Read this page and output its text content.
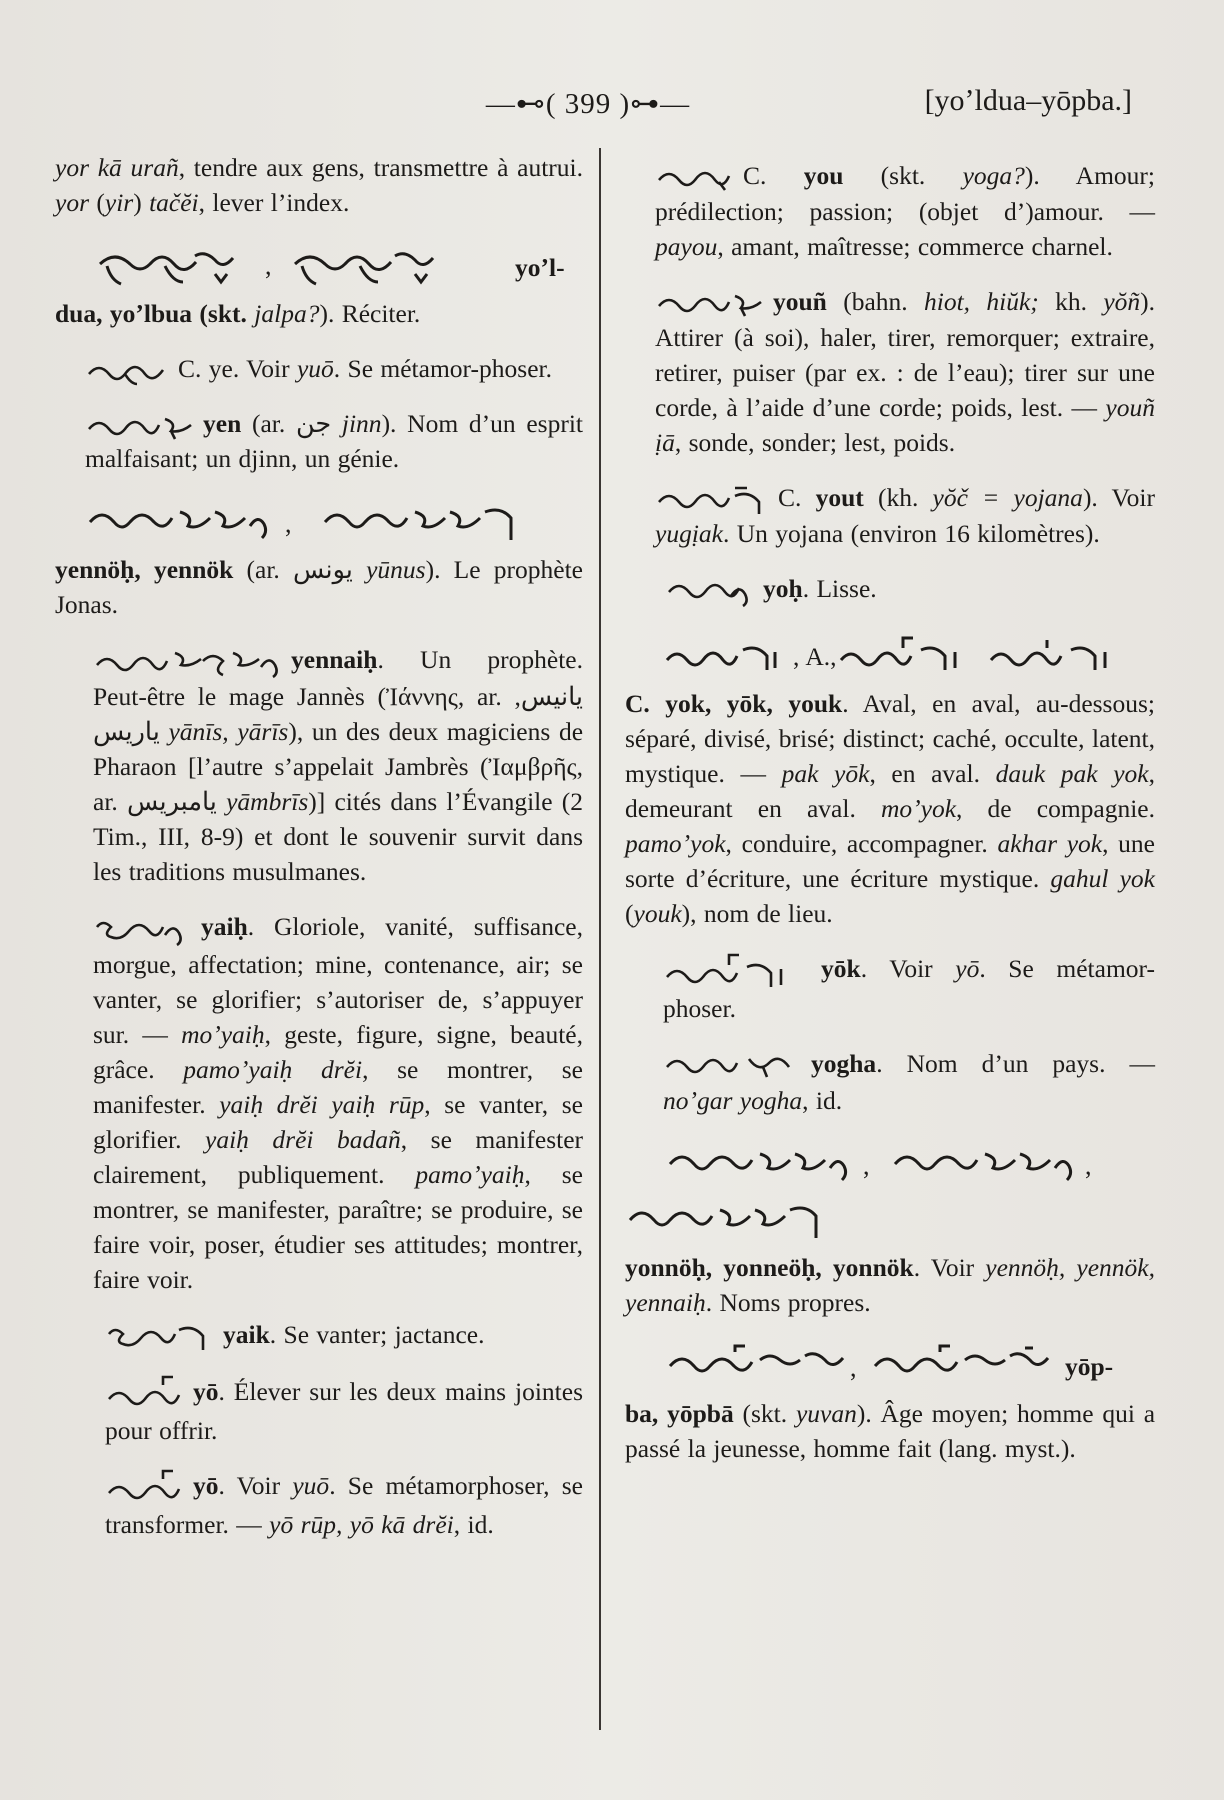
—⊷( 399 )⊶—	[yoʼldua–yōpba.]

yor kā urañ, tendre aux gens, transmettre à autrui. yor (yir) tačĕi, lever l’index.

,	yoʼl-

dua, yoʼlbua (skt. jalpa?). Réciter.

C. ye. Voir yuō. Se métamor-phoser.

yen (ar. جن jinn). Nom d’un esprit malfaisant; un djinn, un génie.

,

yennöḥ, yennök (ar. يونس yūnus). Le prophète Jonas.

yennaiḥ. Un prophète. Peut-être le mage Jannès (Ἰάννης, ar. يانيس, ياريس yānīs, yārīs), un des deux magiciens de Pharaon [l’autre s’appelait Jambrès (Ἰαμβρῆς, ar. يامبريس yāmbrīs)] cités dans l’Évangile (2 Tim., III, 8-9) et dont le souvenir survit dans les traditions musulmanes.

yaiḥ. Gloriole, vanité, suffisance, morgue, affectation; mine, contenance, air; se vanter, se glorifier; s’autoriser de, s’appuyer sur. — moʼyaiḥ, geste, figure, signe, beauté, grâce. pamoʼyaiḥ drĕi, se montrer, se manifester. yaiḥ drĕi yaiḥ rūp, se vanter, se glorifier. yaiḥ drĕi badañ, se manifester clairement, publiquement. pamoʼyaiḥ, se montrer, se manifester, paraître; se produire, se faire voir, poser, étudier ses attitudes; montrer, faire voir.

yaik. Se vanter; jactance.

yō. Élever sur les deux mains jointes pour offrir.

yō. Voir yuō. Se métamorphoser, se transformer. — yō rūp, yō kā drĕi, id.

C. you (skt. yoga?). Amour; prédilection; passion; (objet d’)amour. — payou, amant, maîtresse; commerce charnel.

youñ (bahn. hiot, hiŭk; kh. yŏñ). Attirer (à soi), haler, tirer, remorquer; extraire, retirer, puiser (par ex. : de l’eau); tirer sur une corde, à l’aide d’une corde; poids, lest. — youñ ịā, sonde, sonder; lest, poids.

C. yout (kh. yŏč = yojana). Voir yugịak. Un yojana (environ 16 kilomètres).

yoḥ. Lisse.

, A.,

C. yok, yōk, youk. Aval, en aval, au-dessous; séparé, divisé, brisé; distinct; caché, occulte, latent, mystique. — pak yōk, en aval. dauk pak yok, demeurant en aval. moʼyok, de compagnie. pamoʼyok, conduire, accompagner. akhar yok, une sorte d’écriture, une écriture mystique. gahul yok (youk), nom de lieu.

yōk. Voir yō. Se métamor-phoser.

yogha. Nom d’un pays. — noʼgar yogha, id.

,	,

yonnöḥ, yonneöḥ, yonnök. Voir yennöḥ, yennök, yennaiḥ. Noms propres.

,	yōp-

ba, yōpbā (skt. yuvan). Âge moyen; homme qui a passé la jeunesse, homme fait (lang. myst.).
